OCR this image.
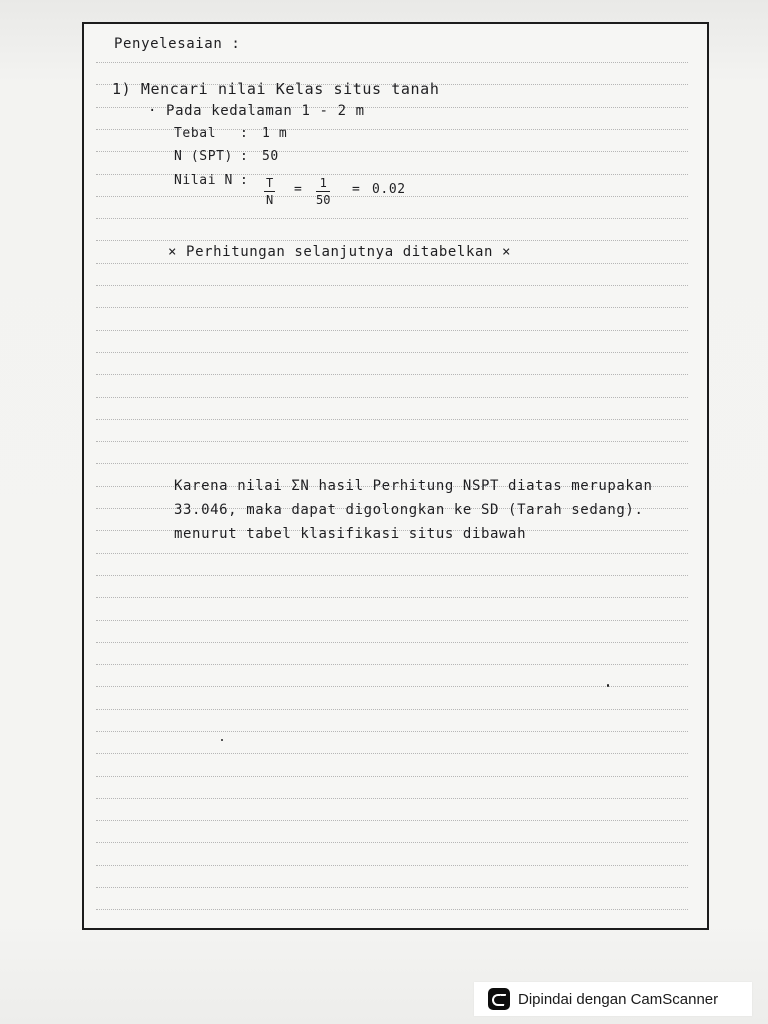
Penyelesaian :
1) Mencari nilai Kelas situs tanah
· Pada kedalaman 1 - 2 m
Tebal : 1 m
N (SPT) : 50
Nilai N : T
N
= 1
50
= 0.02
× Perhitungan selanjutnya ditabelkan ×
Karena nilai ΣN hasil Perhitung NSPT diatas merupakan
33.046, maka dapat digolongkan ke SD (Tarah sedang).
menurut tabel klasifikasi situs dibawah
Dipindai dengan CamScanner
